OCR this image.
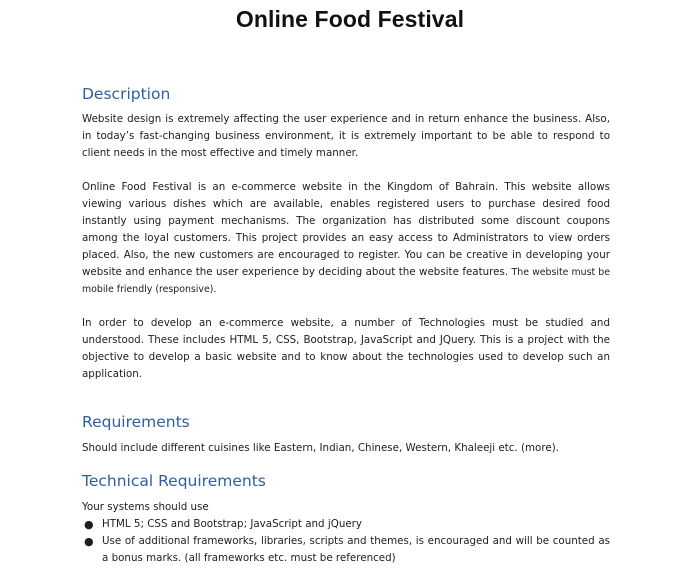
Online Food Festival
Description
Website design is extremely affecting the user experience and in return enhance the business. Also, in today’s fast-changing business environment, it is extremely important to be able to respond to client needs in the most effective and timely manner.
Online Food Festival is an e-commerce website in the Kingdom of Bahrain. This website allows viewing various dishes which are available, enables registered users to purchase desired food instantly using payment mechanisms. The organization has distributed some discount coupons among the loyal customers. This project provides an easy access to Administrators to view orders placed. Also, the new customers are encouraged to register. You can be creative in developing your website and enhance the user experience by deciding about the website features. The website must be mobile friendly (responsive).
In order to develop an e-commerce website, a number of Technologies must be studied and understood. These includes HTML 5, CSS, Bootstrap, JavaScript and JQuery. This is a project with the objective to develop a basic website and to know about the technologies used to develop such an application.
Requirements
Should include different cuisines like Eastern, Indian, Chinese, Western, Khaleeji etc. (more).
Technical Requirements
Your systems should use
● HTML 5; CSS and Bootstrap; JavaScript and jQuery
● Use of additional frameworks, libraries, scripts and themes, is encouraged and will be counted as a bonus marks. (all frameworks etc. must be referenced)
